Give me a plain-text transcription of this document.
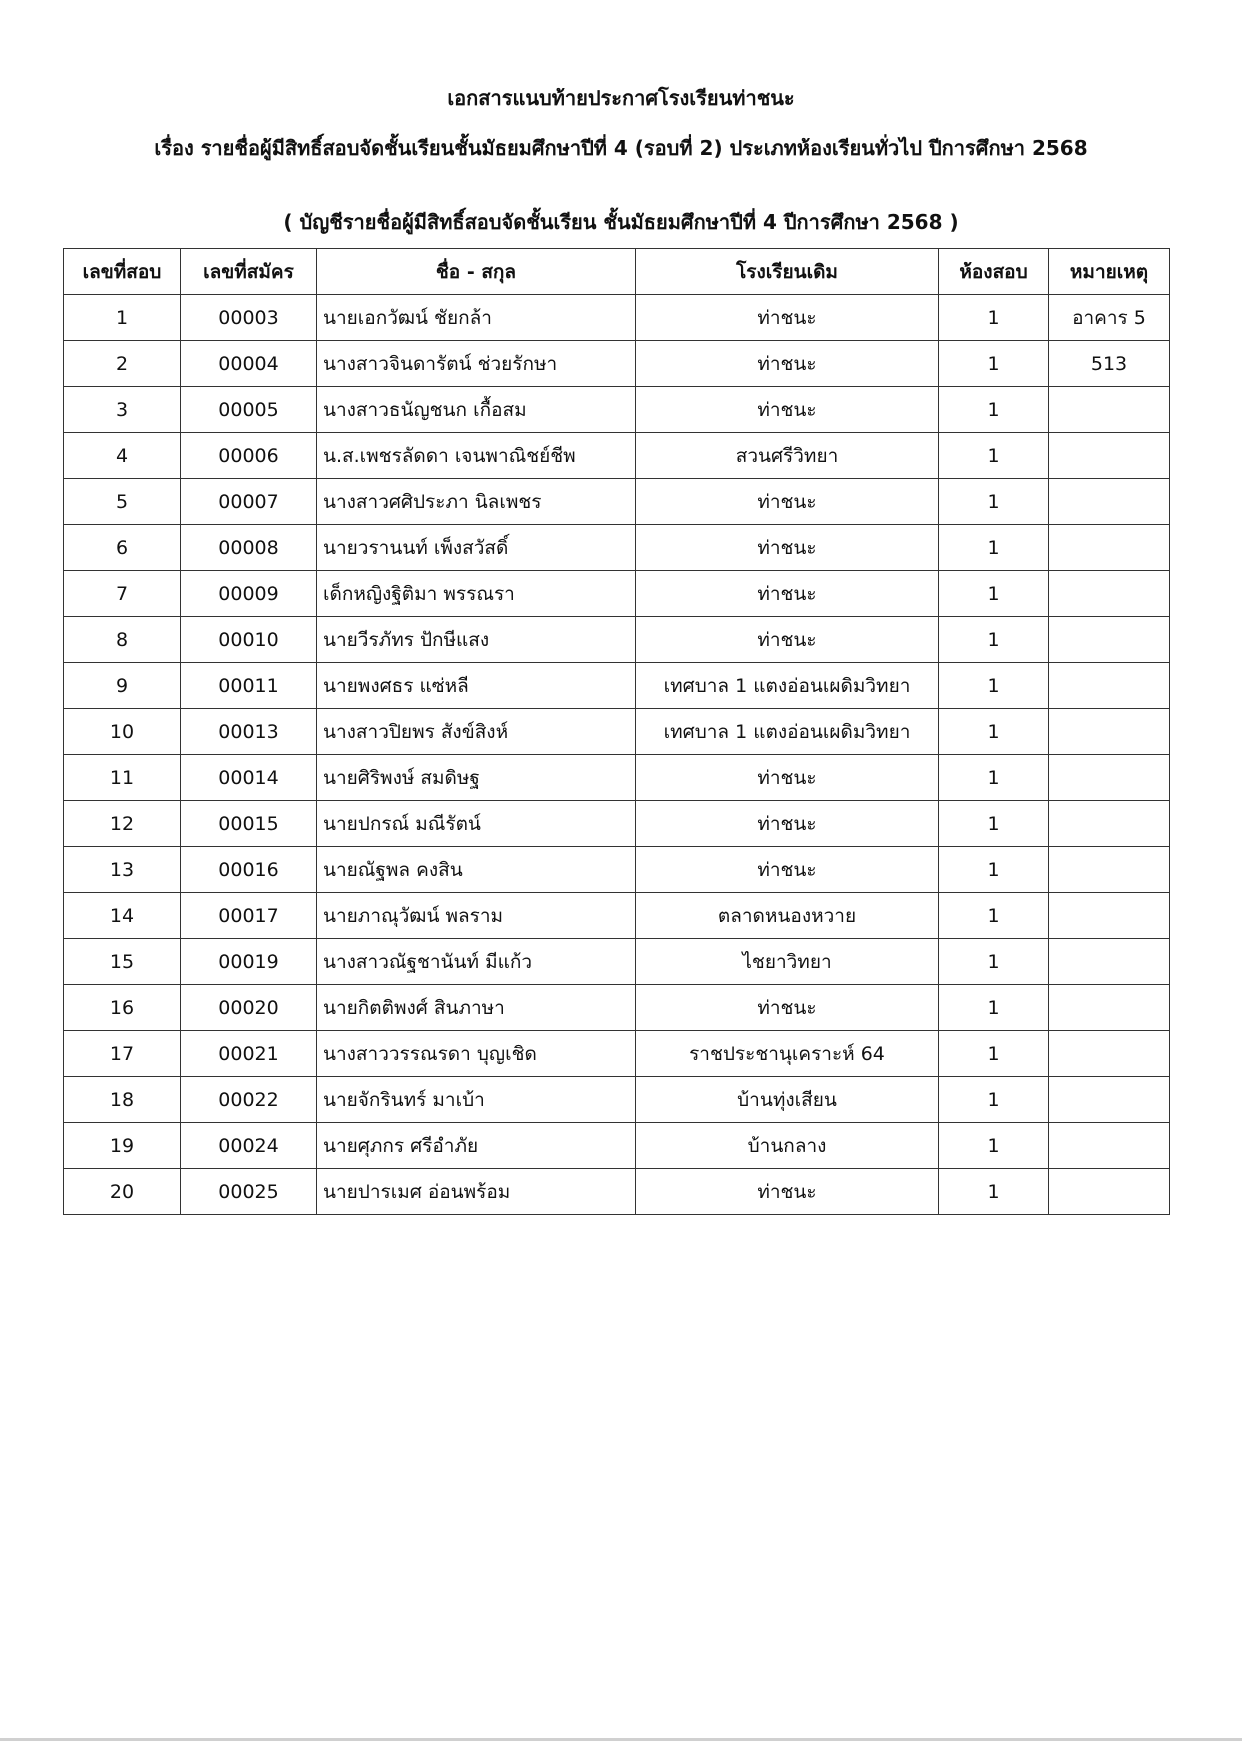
เอกสารแนบท้ายประกาศโรงเรียนท่าชนะ
เรื่อง รายชื่อผู้มีสิทธิ์สอบจัดชั้นเรียนชั้นมัธยมศึกษาปีที่ 4 (รอบที่ 2) ประเภทห้องเรียนทั่วไป ปีการศึกษา 2568
( บัญชีรายชื่อผู้มีสิทธิ์สอบจัดชั้นเรียน ชั้นมัธยมศึกษาปีที่ 4 ปีการศึกษา 2568 )
เลขที่สอบ	เลขที่สมัคร	ชื่อ - สกุล	โรงเรียนเดิม	ห้องสอบ	หมายเหตุ
1	00003	นายเอกวัฒน์ ชัยกล้า	ท่าชนะ	1	อาคาร 5
2	00004	นางสาวจินดารัตน์ ช่วยรักษา	ท่าชนะ	1	513
3	00005	นางสาวธนัญชนก เกื้อสม	ท่าชนะ	1	
4	00006	น.ส.เพชรลัดดา เจนพาณิชย์ชีพ	สวนศรีวิทยา	1	
5	00007	นางสาวศศิประภา นิลเพชร	ท่าชนะ	1	
6	00008	นายวรานนท์ เพ็งสวัสดิ์	ท่าชนะ	1	
7	00009	เด็กหญิงฐิติมา พรรณรา	ท่าชนะ	1	
8	00010	นายวีรภัทร ปักษีแสง	ท่าชนะ	1	
9	00011	นายพงศธร แซ่หลี	เทศบาล 1 แตงอ่อนเผดิมวิทยา	1	
10	00013	นางสาวปิยพร สังข์สิงห์	เทศบาล 1 แตงอ่อนเผดิมวิทยา	1	
11	00014	นายศิริพงษ์ สมดิษฐ	ท่าชนะ	1	
12	00015	นายปกรณ์ มณีรัตน์	ท่าชนะ	1	
13	00016	นายณัฐพล คงสิน	ท่าชนะ	1	
14	00017	นายภาณุวัฒน์ พลราม	ตลาดหนองหวาย	1	
15	00019	นางสาวณัฐชานันท์ มีแก้ว	ไชยาวิทยา	1	
16	00020	นายกิตติพงศ์ สินภาษา	ท่าชนะ	1	
17	00021	นางสาววรรณรดา บุญเชิด	ราชประชานุเคราะห์ 64	1	
18	00022	นายจักรินทร์ มาเบ้า	บ้านทุ่งเสียน	1	
19	00024	นายศุภกร ศรีอำภัย	บ้านกลาง	1	
20	00025	นายปารเมศ อ่อนพร้อม	ท่าชนะ	1	
